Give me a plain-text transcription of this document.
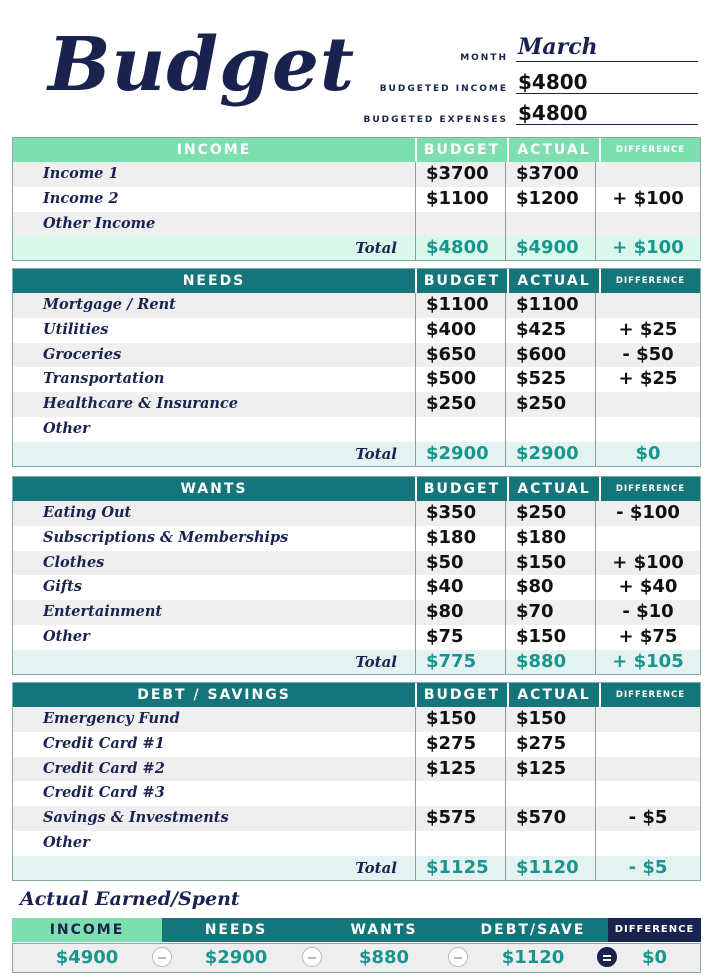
Budget	MONTH March
BUDGETED INCOME $4800
BUDGETED EXPENSES $4800
INCOME	BUDGET	ACTUAL	DIFFERENCE
Income 1	$3700	$3700
Income 2	$1100	$1200	+ $100
Other Income
Total	$4800	$4900	+ $100
NEEDS	BUDGET	ACTUAL	DIFFERENCE
Mortgage / Rent	$1100	$1100
Utilities	$400	$425	+ $25
Groceries	$650	$600	- $50
Transportation	$500	$525	+ $25
Healthcare & Insurance	$250	$250
Other
Total	$2900	$2900	$0
WANTS	BUDGET	ACTUAL	DIFFERENCE
Eating Out	$350	$250	- $100
Subscriptions & Memberships	$180	$180
Clothes	$50	$150	+ $100
Gifts	$40	$80	+ $40
Entertainment	$80	$70	- $10
Other	$75	$150	+ $75
Total	$775	$880	+ $105
DEBT / SAVINGS	BUDGET	ACTUAL	DIFFERENCE
Emergency Fund	$150	$150
Credit Card #1	$275	$275
Credit Card #2	$125	$125
Credit Card #3
Savings & Investments	$575	$570	- $5
Other
Total	$1125	$1120	- $5
Actual Earned/Spent
INCOME	NEEDS	WANTS	DEBT/SAVE	DIFFERENCE
$4900	$2900	$880	$1120	$0
